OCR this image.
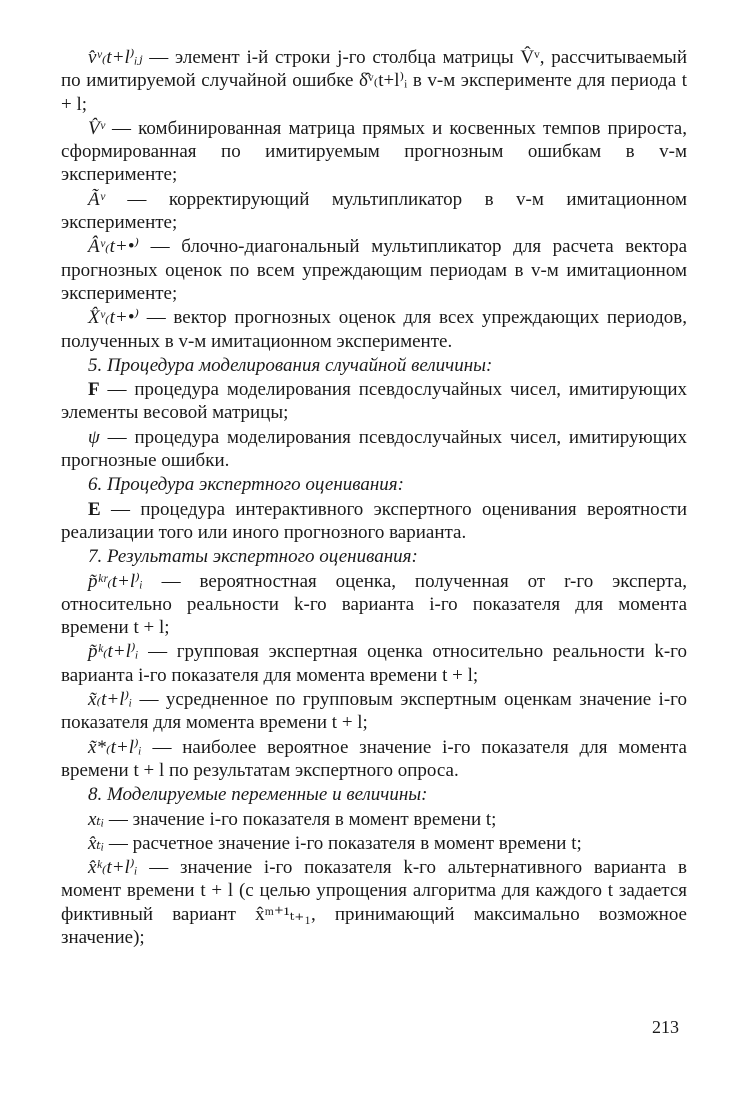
v̂ᵛ₍t+l⁾ᵢⱼ — элемент i-й строки j-го столбца матрицы V̂ᵛ, рассчитываемый по имитируемой случайной ошибке δ̂ᵛ₍t+l⁾ᵢ в v-м эксперименте для периода t + l;

V̂ᵛ — комбинированная матрица прямых и косвенных темпов прироста, сформированная по имитируемым прогнозным ошибкам в v-м эксперименте;

Ãᵛ — корректирующий мультипликатор в v-м имитационном эксперименте;

Âᵛ₍t+•⁾ — блочно-диагональный мультипликатор для расчета вектора прогнозных оценок по всем упреждающим периодам в v-м имитационном эксперименте;

X̂ᵛ₍t+•⁾ — вектор прогнозных оценок для всех упреждающих периодов, полученных в v-м имитационном эксперименте.

5. Процедура моделирования случайной величины:

F — процедура моделирования псевдослучайных чисел, имитирующих элементы весовой матрицы;

ψ — процедура моделирования псевдослучайных чисел, имитирующих прогнозные ошибки.

6. Процедура экспертного оценивания:

E — процедура интерактивного экспертного оценивания вероятности реализации того или иного прогнозного варианта.

7. Результаты экспертного оценивания:

p̃ᵏʳ₍t+l⁾ᵢ — вероятностная оценка, полученная от r-го эксперта, относительно реальности k-го варианта i-го показателя для момента времени t + l;

p̃ᵏ₍t+l⁾ᵢ — групповая экспертная оценка относительно реальности k-го варианта i-го показателя для момента времени t + l;

x̃₍t+l⁾ᵢ — усредненное по групповым экспертным оценкам значение i-го показателя для момента времени t + l;

x̃*₍t+l⁾ᵢ — наиболее вероятное значение i-го показателя для момента времени t + l по результатам экспертного опроса.

8. Моделируемые переменные и величины:

xₜᵢ — значение i-го показателя в момент времени t;

x̂ₜᵢ — расчетное значение i-го показателя в момент времени t;

x̂ᵏ₍t+l⁾ᵢ — значение i-го показателя k-го альтернативного варианта в момент времени t + l (с целью упрощения алгоритма для каждого t задается фиктивный вариант x̂ᵐ⁺¹ₜ₊₁, принимающий максимально возможное значение);

213
